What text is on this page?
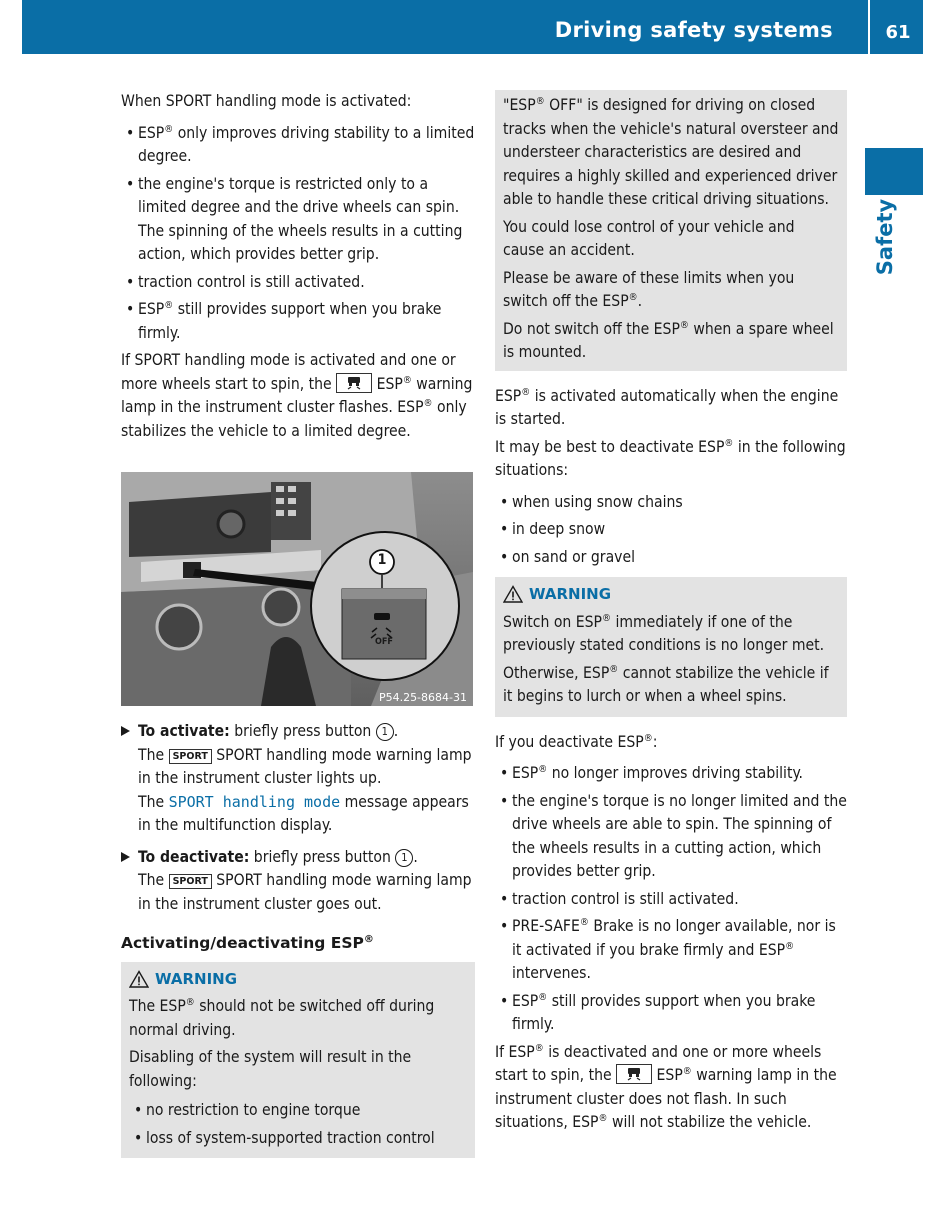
Driving safety systems	61
Safety

When SPORT handling mode is activated:

• ESP® only improves driving stability to a limited degree.
• the engine's torque is restricted only to a limited degree and the drive wheels can spin. The spinning of the wheels results in a cutting action, which provides better grip.
• traction control is still activated.
• ESP® still provides support when you brake firmly.

If SPORT handling mode is activated and one or more wheels start to spin, the	ESP® warning lamp in the instrument cluster flashes. ESP® only stabilizes the vehicle to a limited degree.

1
OFF
P54.25-8684-31
To activate: briefly press button 1 .
The SPORT SPORT handling mode warning lamp in the instrument cluster lights up.
The SPORT handling mode message appears in the multifunction display.
To deactivate: briefly press button 1 .
The SPORT SPORT handling mode warning lamp in the instrument cluster goes out.
Activating/deactivating ESP®
WARNING

The ESP® should not be switched off during normal driving.

Disabling of the system will result in the following:

• no restriction to engine torque
• loss of system-supported traction control

"ESP® OFF" is designed for driving on closed tracks when the vehicle's natural oversteer and understeer characteristics are desired and requires a highly skilled and experienced driver able to handle these critical driving situations.

You could lose control of your vehicle and cause an accident.

Please be aware of these limits when you switch off the ESP®.

Do not switch off the ESP® when a spare wheel is mounted.

ESP® is activated automatically when the engine is started.

It may be best to deactivate ESP® in the following situations:

• when using snow chains
• in deep snow
• on sand or gravel
WARNING

Switch on ESP® immediately if one of the previously stated conditions is no longer met.

Otherwise, ESP® cannot stabilize the vehicle if it begins to lurch or when a wheel spins.

If you deactivate ESP®:

• ESP® no longer improves driving stability.
• the engine's torque is no longer limited and the drive wheels are able to spin. The spinning of the wheels results in a cutting action, which provides better grip.
• traction control is still activated.
• PRE-SAFE® Brake is no longer available, nor is it activated if you brake firmly and ESP® intervenes.
• ESP® still provides support when you brake firmly.

If ESP® is deactivated and one or more wheels start to spin, the	ESP® warning lamp in the instrument cluster does not flash. In such situations, ESP® will not stabilize the vehicle.
